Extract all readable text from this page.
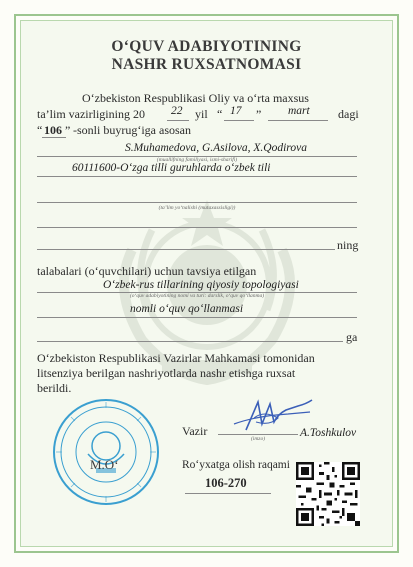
O‘QUV ADABIYOTINING
NASHR RUXSATNOMASI
O‘zbekiston Respublikasi Oliy va o‘rta maxsus
ta’lim vazirligining 20 22 yil “ 17 ” mart dagi
“ 106 ” -sonli buyrug‘iga asosan
S.Muhamedova, G.Asilova, X.Qodirova
(muallifning familiyasi, ismi-sharifi)
60111600-O‘zga tilli guruhlarda o‘zbek tili
(ta’lim yo‘nalishi (mutaxassisligi))
ning
talabalari (o‘quvchilari) uchun tavsiya etilgan
O‘zbek-rus tillarining qiyosiy topologiyasi
(o‘quv adabiyotining nomi va turi: darslik, o‘quv qo‘llanma)
nomli o‘quv qo‘llanmasi
ga
O‘zbekiston Respublikasi Vazirlar Mahkamasi tomonidan
litsenziya berilgan nashriyotlarda nashr etishga ruxsat
berildi.
Vazir
(imzo)	A.Toshkulov
M.O‘	Ro‘yxatga olish raqami
106-270
